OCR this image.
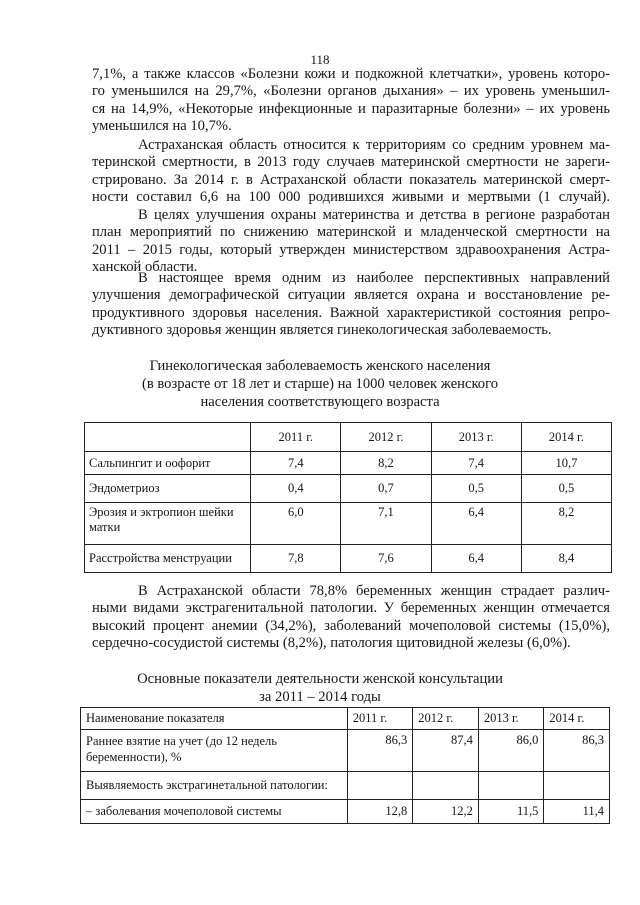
118
7,1%, а также классов «Болезни кожи и подкожной клетчатки», уровень которо-
го уменьшился на 29,7%, «Болезни органов дыхания» – их уровень уменьшил-
ся на 14,9%, «Некоторые инфекционные и паразитарные болезни» – их уровень
уменьшился на 10,7%.
Астраханская область относится к территориям со средним уровнем ма-
теринской смертности, в 2013 году случаев материнской смертности не зареги-
стрировано. За 2014 г. в Астраханской области показатель материнской смерт-
ности составил 6,6 на 100 000 родившихся живыми и мертвыми (1 случай).
В целях улучшения охраны материнства и детства в регионе разработан
план мероприятий по снижению материнской и младенческой смертности на
2011 – 2015 годы, который утвержден министерством здравоохранения Астра-
ханской области.
В настоящее время одним из наиболее перспективных направлений
улучшения демографической ситуации является охрана и восстановление ре-
продуктивного здоровья населения. Важной характеристикой состояния репро-
дуктивного здоровья женщин является гинекологическая заболеваемость.
Гинекологическая заболеваемость женского населения
(в возрасте от 18 лет и старше) на 1000 человек женского
населения соответствующего возраста
	2011 г.	2012 г.	2013 г.	2014 г.
Сальпингит и оофорит	7,4	8,2	7,4	10,7
Эндометриоз	0,4	0,7	0,5	0,5
Эрозия и эктропион шейки матки	6,0	7,1	6,4	8,2
Расстройства менструации	7,8	7,6	6,4	8,4
В Астраханской области 78,8% беременных женщин страдает различ-
ными видами экстрагенитальной патологии. У беременных женщин отмечается
высокий процент анемии (34,2%), заболеваний мочеполовой системы (15,0%),
сердечно-сосудистой системы (8,2%), патология щитовидной железы (6,0%).
Основные показатели деятельности женской консультации
за 2011 – 2014 годы
Наименование показателя	2011 г.	2012 г.	2013 г.	2014 г.
Раннее взятие на учет (до 12 недель беременности), %	86,3	87,4	86,0	86,3
Выявляемость экстрагинетальной патологии:				
– заболевания мочеполовой системы	12,8	12,2	11,5	11,4
